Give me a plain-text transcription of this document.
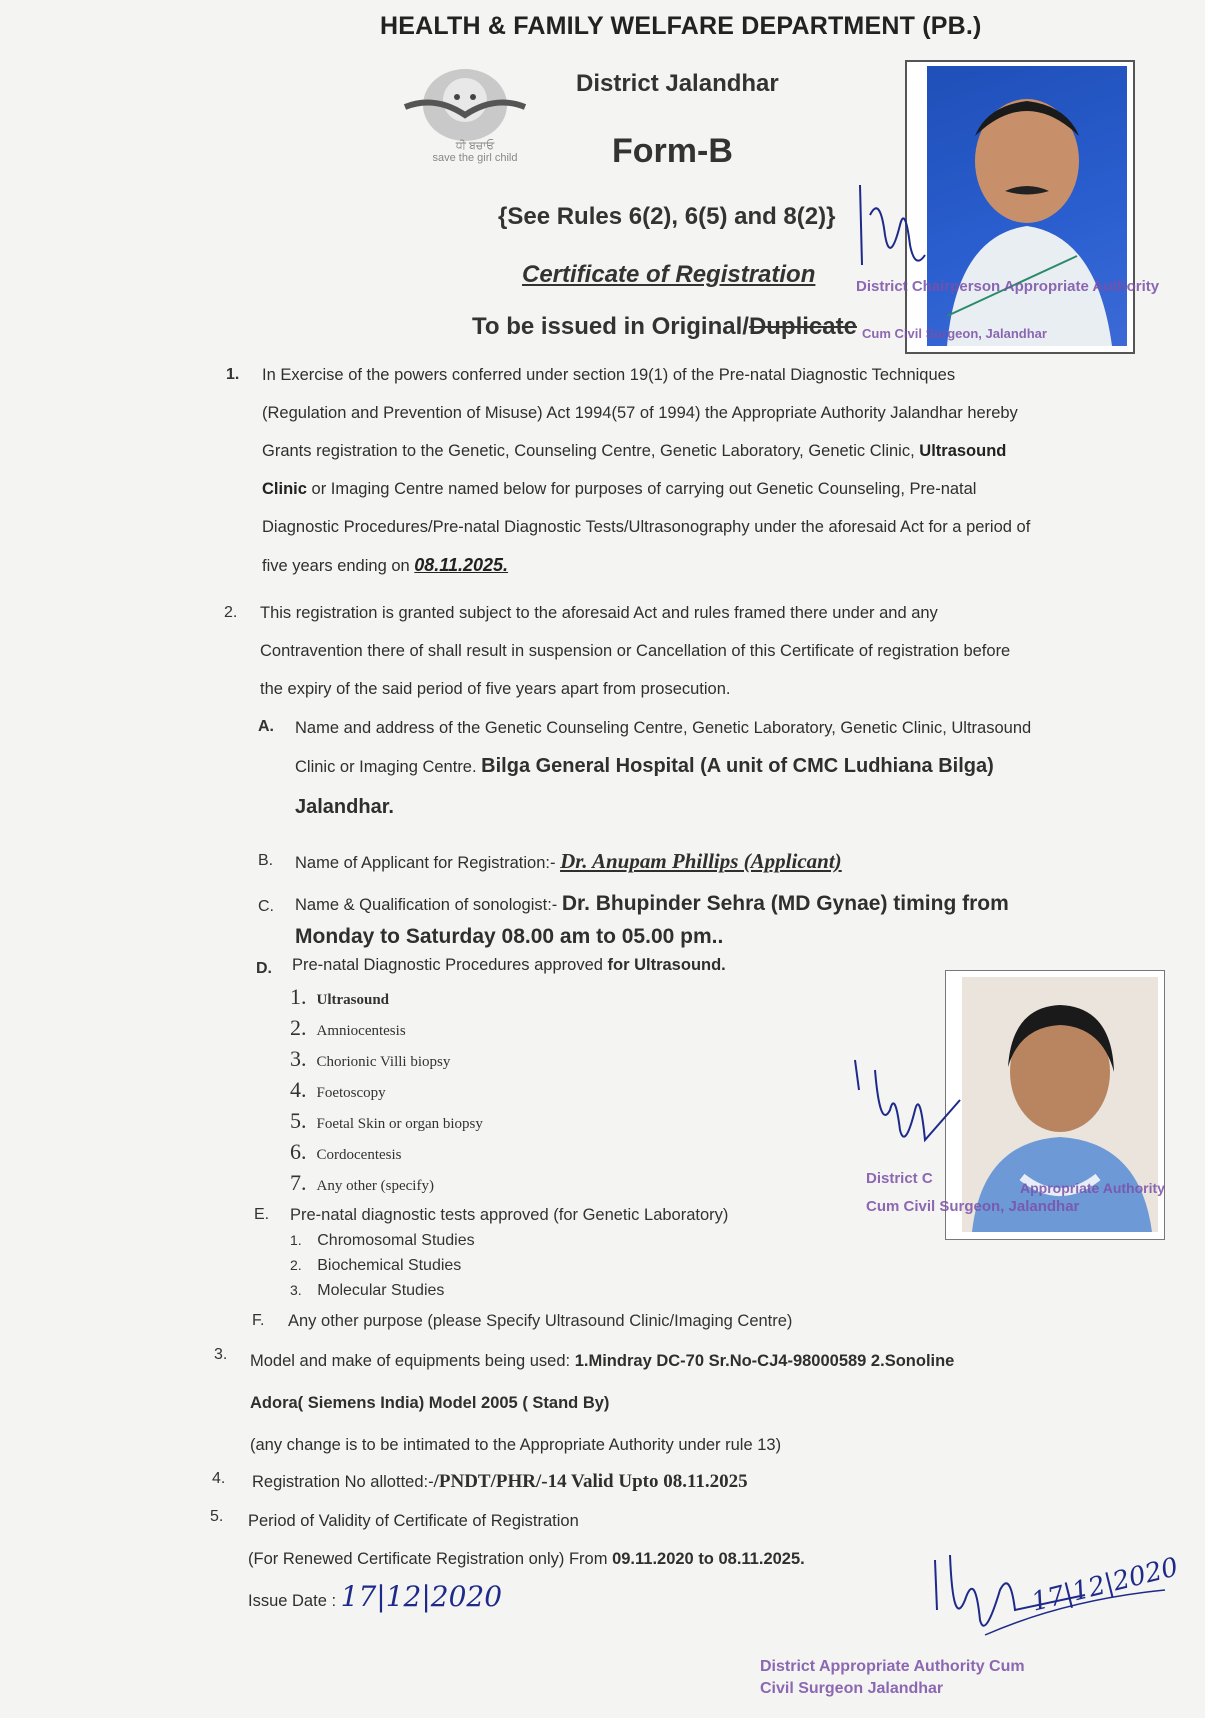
HEALTH & FAMILY WELFARE DEPARTMENT (PB.)
ਧੀ ਬਚਾਓ
save the girl child
District Jalandhar
Form-B
{See Rules 6(2), 6(5) and 8(2)}
Certificate of Registration
To be issued in Original/Duplicate
District Chairperson Appropriate Authority
Cum Civil Surgeon, Jalandhar
1. In Exercise of the powers conferred under section 19(1) of the Pre-natal Diagnostic Techniques
(Regulation and Prevention of Misuse) Act 1994(57 of 1994) the Appropriate Authority Jalandhar hereby
Grants registration to the Genetic, Counseling Centre, Genetic Laboratory, Genetic Clinic, Ultrasound
Clinic or Imaging Centre named below for purposes of carrying out Genetic Counseling, Pre-natal
Diagnostic Procedures/Pre-natal Diagnostic Tests/Ultrasonography under the aforesaid Act for a period of
five years ending on 08.11.2025.
2. This registration is granted subject to the aforesaid Act and rules framed there under and any
Contravention there of shall result in suspension or Cancellation of this Certificate of registration before
the expiry of the said period of five years apart from prosecution.
A. Name and address of the Genetic Counseling Centre, Genetic Laboratory, Genetic Clinic, Ultrasound
Clinic or Imaging Centre. Bilga General Hospital (A unit of CMC Ludhiana Bilga)
Jalandhar.
B. Name of Applicant for Registration:- Dr. Anupam Phillips (Applicant)
C. Name & Qualification of sonologist:- Dr. Bhupinder Sehra (MD Gynae) timing from
Monday to Saturday 08.00 am to 05.00 pm..
D. Pre-natal Diagnostic Procedures approved for Ultrasound.
1. Ultrasound
2. Amniocentesis
3. Chorionic Villi biopsy
4. Foetoscopy
5. Foetal Skin or organ biopsy
6. Cordocentesis
7. Any other (specify)
E. Pre-natal diagnostic tests approved (for Genetic Laboratory)
1.    Chromosomal Studies
2.    Biochemical Studies
3.    Molecular Studies
F. Any other purpose (please Specify Ultrasound Clinic/Imaging Centre)
District C
Appropriate Authority
Cum Civil Surgeon, Jalandhar
3. Model and make of equipments being used: 1.Mindray DC-70 Sr.No-CJ4-98000589 2.Sonoline
Adora( Siemens India) Model 2005 ( Stand By)
(any change is to be intimated to the Appropriate Authority under rule 13)
4. Registration No allotted:-/PNDT/PHR/-14 Valid Upto 08.11.2025
5. Period of Validity of Certificate of Registration
(For Renewed Certificate Registration only) From 09.11.2020 to 08.11.2025.
Issue Date : 17|12|2020	17|12|2020
District Appropriate Authority Cum
Civil Surgeon Jalandhar
